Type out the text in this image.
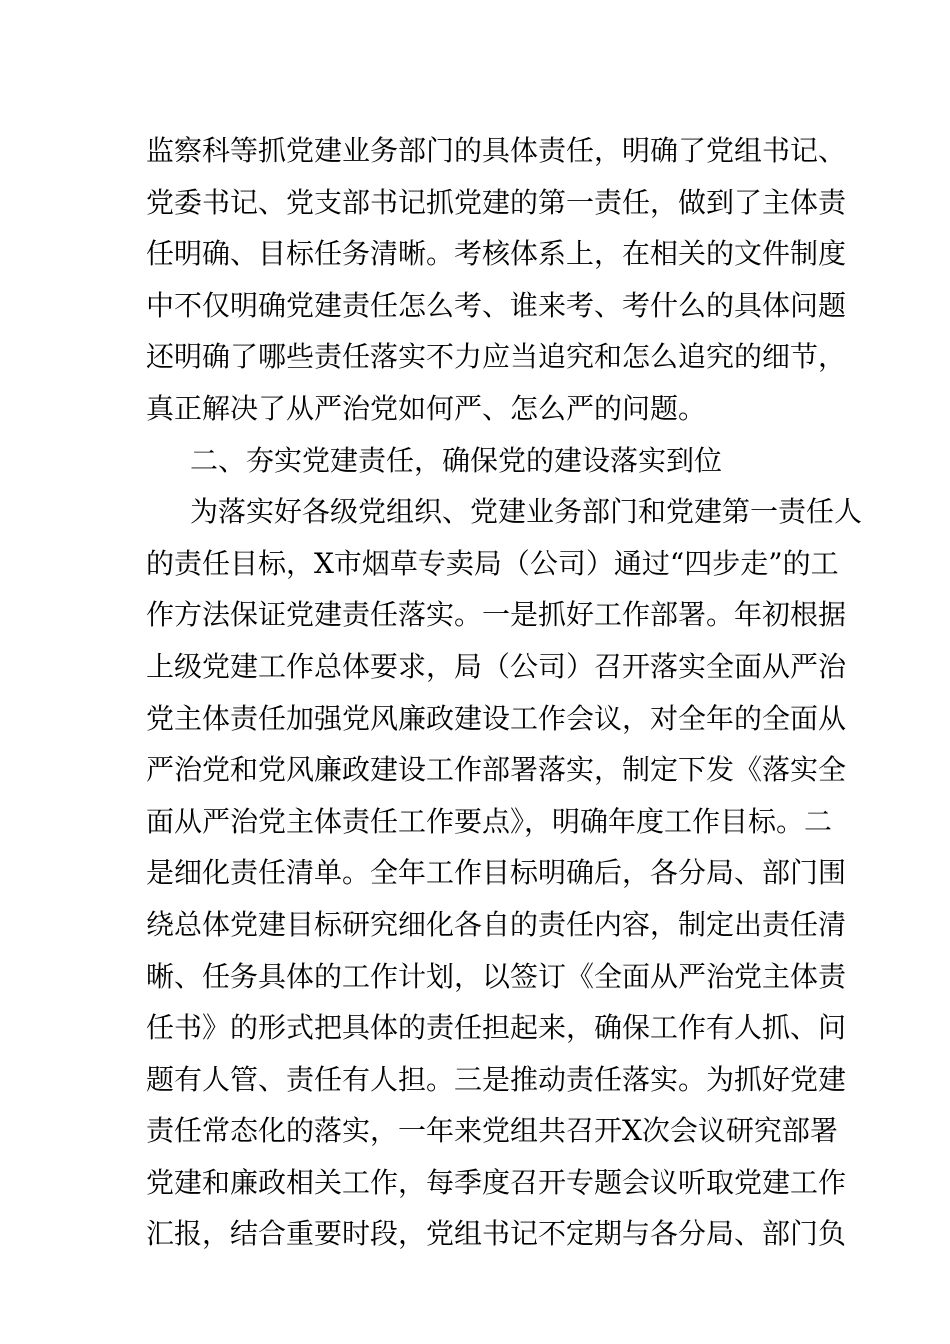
监察科等抓党建业务部门的具体责任，明确了党组书记、
党委书记、党支部书记抓党建的第一责任，做到了主体责
任明确、目标任务清晰。考核体系上，在相关的文件制度
中不仅明确党建责任怎么考、谁来考、考什么的具体问题
还明确了哪些责任落实不力应当追究和怎么追究的细节，
真正解决了从严治党如何严、怎么严的问题。
二、夯实党建责任，确保党的建设落实到位
为落实好各级党组织、党建业务部门和党建第一责任人
的责任目标，X市烟草专卖局（公司）通过“四步走”的工
作方法保证党建责任落实。一是抓好工作部署。年初根据
上级党建工作总体要求，局（公司）召开落实全面从严治
党主体责任加强党风廉政建设工作会议，对全年的全面从
严治党和党风廉政建设工作部署落实，制定下发《落实全
面从严治党主体责任工作要点》，明确年度工作目标。二
是细化责任清单。全年工作目标明确后，各分局、部门围
绕总体党建目标研究细化各自的责任内容，制定出责任清
晰、任务具体的工作计划，以签订《全面从严治党主体责
任书》的形式把具体的责任担起来，确保工作有人抓、问
题有人管、责任有人担。三是推动责任落实。为抓好党建
责任常态化的落实，一年来党组共召开X次会议研究部署
党建和廉政相关工作，每季度召开专题会议听取党建工作
汇报，结合重要时段，党组书记不定期与各分局、部门负
